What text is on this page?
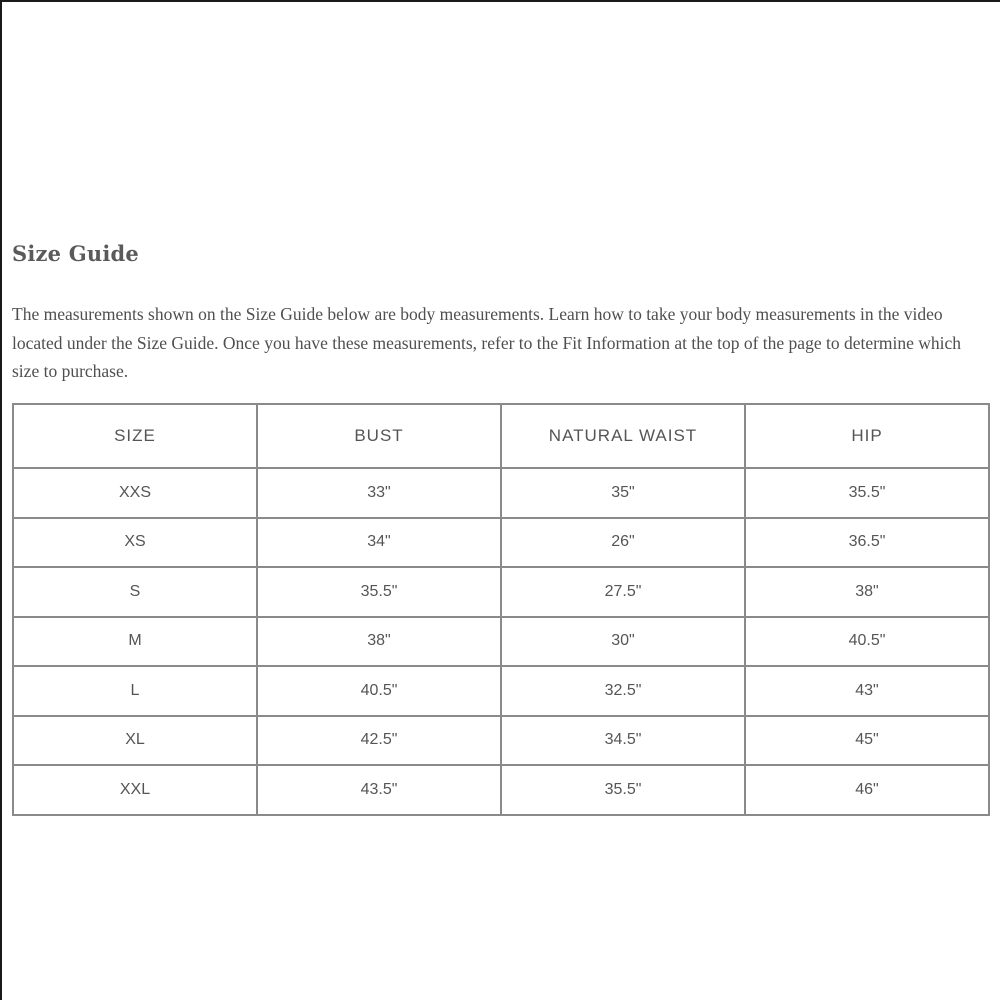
Size Guide

The measurements shown on the Size Guide below are body measurements. Learn how to take your body measurements in the video located under the Size Guide. Once you have these measurements, refer to the Fit Information at the top of the page to determine which size to purchase.

SIZE	BUST	NATURAL WAIST	HIP
XXS	33"	35"	35.5"
XS	34"	26"	36.5"
S	35.5"	27.5"	38"
M	38"	30"	40.5"
L	40.5"	32.5"	43"
XL	42.5"	34.5"	45"
XXL	43.5"	35.5"	46"
